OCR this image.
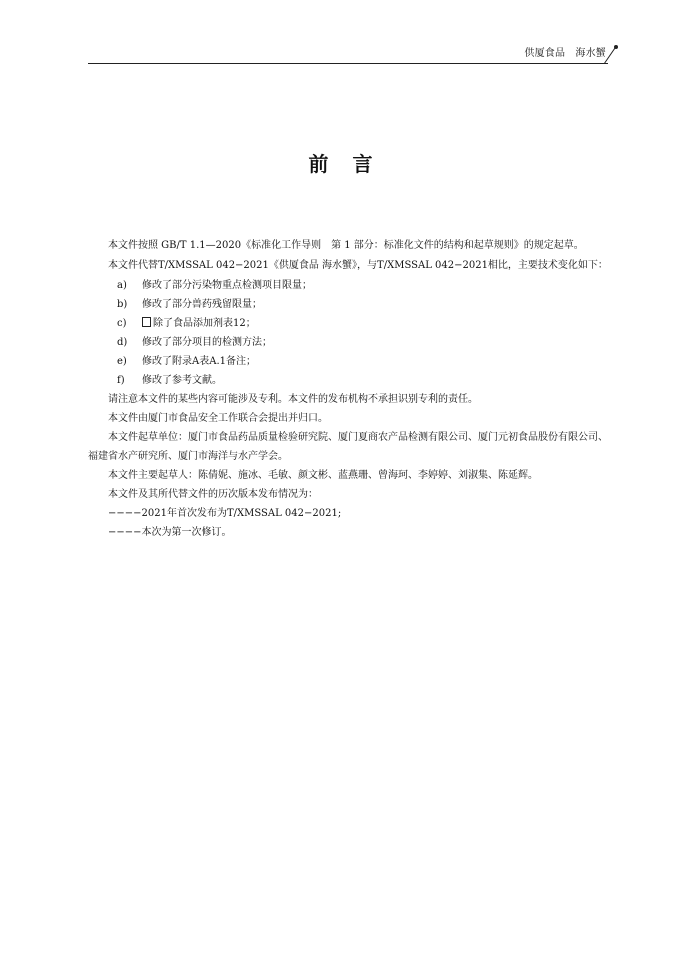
供厦食品　海水蟹
前言

本文件按照 GB/T 1.1—2020《标准化工作导则　第 1 部分：标准化文件的结构和起草规则》的规定起草。

本文件代替T/XMSSAL 042−2021《供厦食品 海水蟹》，与T/XMSSAL 042−2021相比，主要技术变化如下：

a)	修改了部分污染物重点检测项目限量；
b)	修改了部分兽药残留限量；
c)	除了食品添加剂表12；
d)	修改了部分项目的检测方法；
e)	修改了附录A表A.1备注；
f)	修改了参考文献。

请注意本文件的某些内容可能涉及专利。本文件的发布机构不承担识别专利的责任。

本文件由厦门市食品安全工作联合会提出并归口。

本文件起草单位：厦门市食品药品质量检验研究院、厦门夏商农产品检测有限公司、厦门元初食品股份有限公司、福建省水产研究所、厦门市海洋与水产学会。

本文件主要起草人：陈倩妮、施冰、毛敏、颜文彬、蓝燕珊、曾海珂、李婷婷、刘淑集、陈延辉。

本文件及其所代替文件的历次版本发布情况为：

−−−−2021年首次发布为T/XMSSAL 042−2021;

−−−−本次为第一次修订。
